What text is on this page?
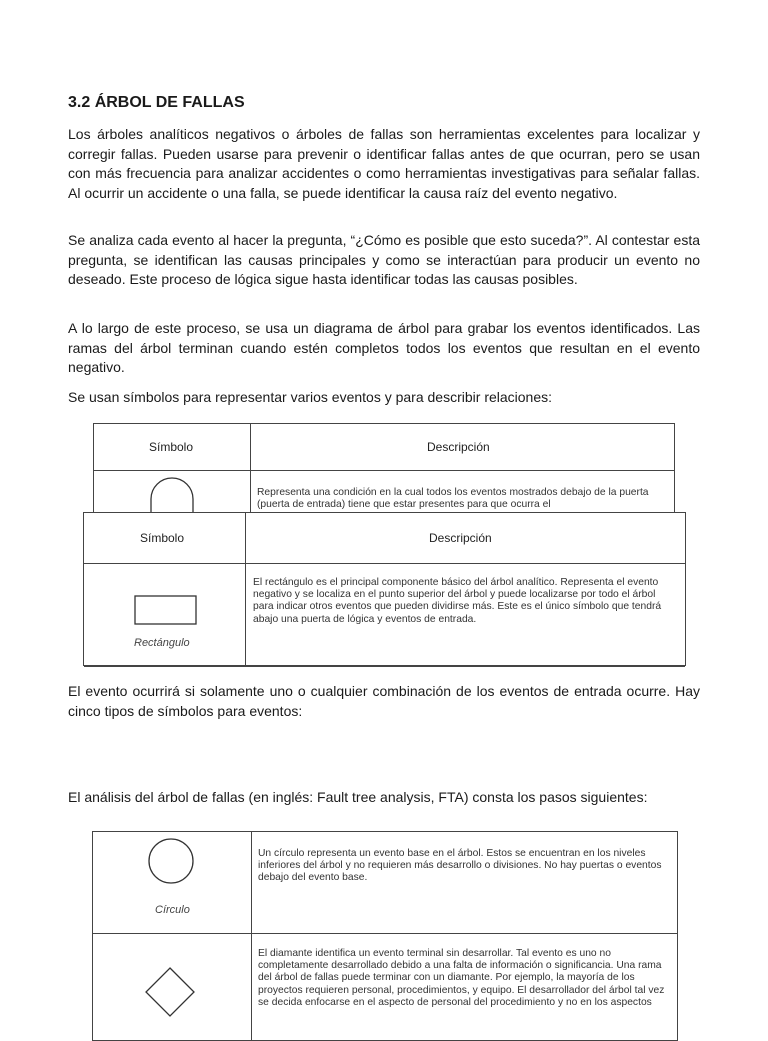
3.2 ÁRBOL DE FALLAS
Los árboles analíticos negativos o árboles de fallas son herramientas excelentes para localizar y corregir fallas. Pueden usarse para prevenir o identificar fallas antes de que ocurran, pero se usan con más frecuencia para analizar accidentes o como herramientas investigativas para señalar fallas. Al ocurrir un accidente o una falla, se puede identificar la causa raíz del evento negativo.
Se analiza cada evento al hacer la pregunta, “¿Cómo es posible que esto suceda?”. Al contestar esta pregunta, se identifican las causas principales y como se interactúan para producir un evento no deseado. Este proceso de lógica sigue hasta identificar todas las causas posibles.
A lo largo de este proceso, se usa un diagrama de árbol para grabar los eventos identificados. Las ramas del árbol terminan cuando estén completos todos los eventos que resultan en el evento negativo.
Se usan símbolos para representar varios eventos y para describir relaciones:
Símbolo	Descripción
Representa una condición en la cual todos los eventos mostrados debajo de la puerta (puerta de entrada) tiene que estar presentes para que ocurra el
Símbolo	Descripción
Rectángulo
El rectángulo es el principal componente básico del árbol analítico. Representa el evento negativo y se localiza en el punto superior del árbol y puede localizarse por todo el árbol para indicar otros eventos que pueden dividirse más. Este es el único símbolo que tendrá abajo una puerta de lógica y eventos de entrada.
El evento ocurrirá si solamente uno o cualquier combinación de los eventos de entrada ocurre. Hay cinco tipos de símbolos para eventos:
El análisis del árbol de fallas (en inglés: Fault tree analysis, FTA) consta los pasos siguientes:
Círculo
Un círculo representa un evento base en el árbol. Estos se encuentran en los niveles inferiores del árbol y no requieren más desarrollo o divisiones. No hay puertas o eventos debajo del evento base.
El diamante identifica un evento terminal sin desarrollar. Tal evento es uno no completamente desarrollado debido a una falta de información o significancia. Una rama del árbol de fallas puede terminar con un diamante. Por ejemplo, la mayoría de los proyectos requieren personal, procedimientos, y equipo. El desarrollador del árbol tal vez se decida enfocarse en el aspecto de personal del procedimiento y no en los aspectos
